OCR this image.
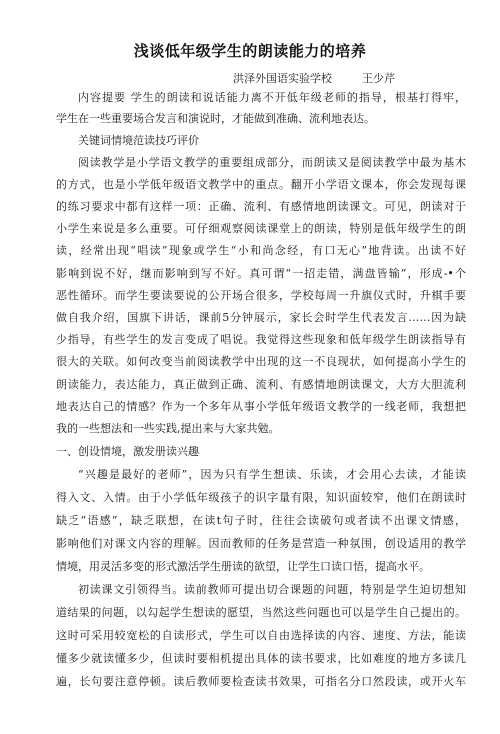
浅谈低年级学生的朗读能力的培养
洪泽外国语实验学校	王少芹
内容提要 学生的朗读和说话能力离不开低年级老师的指导，根基打得牢，
学生在一些重要场合发言和演说时，才能做到准确、流利地表达。
关键词情境范读技巧评价
阅读教学是小学语文教学的重要组成部分，而朗读又是阅读教学中最为基木
的方式，也是小学低年级语文教学中的重点。翻开小学语文课本，你会发现每课
的练习要求中都有这样一项：正确、流利、有感情地朗读课文。可见，朗读对于
小学生来说是多么重要。可仔细观察阅读课堂上的朗读，特别是低年级学生的朗
读，经常出现“唱读”现象或学生“小和尚念经，有口无心”地背读。出读不好
影响到说不好，继而影响到写不好。真可谓“一招走错，满盘皆输”，形成-•个
恶性循环。而学生要读要说的公开场合很多，学校每周一升旗仪式时，升棋手要
做自我介绍，国旗下讲话，课前5分钟展示，家长会时学生代表发言……因为缺
少指导，有些学生的发言变成了唱说。我觉得这些现象和低年级学生朗读指导有
很大的关联。如何改变当前阅读教学中出现的这一不良现状，如何提高小学生的
朗读能力，表达能力，真正做到正确、流利、有感情地朗读课文，大方大胆流利
地表达自己的情感？作为一个多年从事小学低年级语文教学的一线老师，我想把
我的一些想法和一些实践,提出来与大家共勉。
一、创设情境，激发册读兴趣
“兴趣是最好的老师”，因为只有学生想读、乐读，才会用心去读，才能读
得入文、入情。由于小学低年级孩子的识字量有限，知识面较窄，他们在朗读时
缺乏“语感”，缺乏联想，在读t句子时，往往会读破句或者读不出课文情感，
影响他们对课文内容的理解。因而教师的任务是营造一种氛围，创设适用的教学
情境，用灵活多变的形式激活学生册读的欲望，让学生口读口悟，提高水平。
初读课文引领得当。读前教师可提出切合课题的问题，特别是学生迫切想知
道结果的问题，以勾起学生想读的愿望，当然这些问题也可以是学生自己提出的。
这时可采用较宽松的自读形式，学生可以自由选择读的内容、速度、方法，能读
懂多少就读懂多少，但读时要相机提出具体的读书要求，比如难度的地方多读几
遍，长句要注意停顿。读后教师要检查读书效果，可指名分口然段读，或开火车
